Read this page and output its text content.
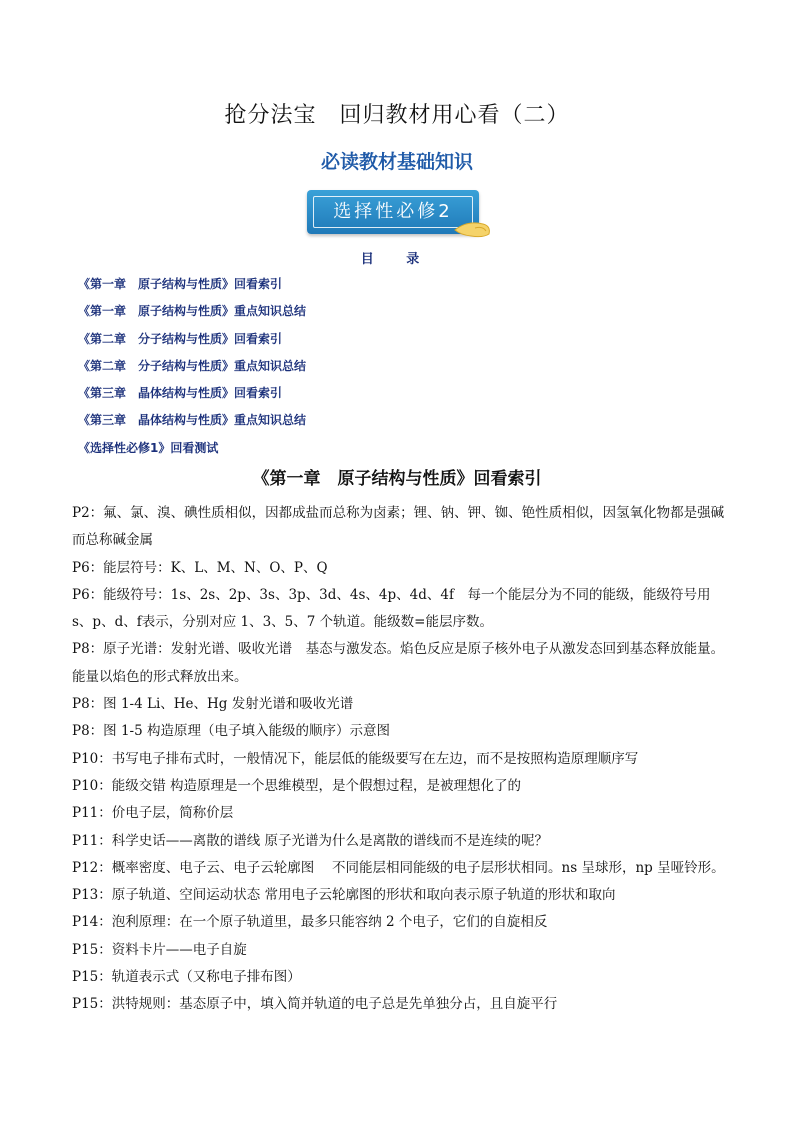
抢分法宝　回归教材用心看（二）
必读教材基础知识
选择性必修2
目 录
《第一章　原子结构与性质》回看索引
《第一章　原子结构与性质》重点知识总结
《第二章　分子结构与性质》回看索引
《第二章　分子结构与性质》重点知识总结
《第三章　晶体结构与性质》回看索引
《第三章　晶体结构与性质》重点知识总结
《选择性必修1》回看测试
《第一章　原子结构与性质》回看索引

P2：氟、氯、溴、碘性质相似，因都成盐而总称为卤素；锂、钠、钾、铷、铯性质相似，因氢氧化物都是强碱而总称碱金属

P6：能层符号：K、L、M、N、O、P、Q

P6：能级符号：1s、2s、2p、3s、3p、3d、4s、4p、4d、4f　每一个能层分为不同的能级，能级符号用 s、p、d、f表示，分别对应 1、3、5、7 个轨道。能级数=能层序数。

P8：原子光谱：发射光谱、吸收光谱　基态与激发态。焰色反应是原子核外电子从激发态回到基态释放能量。能量以焰色的形式释放出来。

P8：图 1-4 Li、He、Hg 发射光谱和吸收光谱

P8：图 1-5 构造原理（电子填入能级的顺序）示意图

P10：书写电子排布式时，一般情况下，能层低的能级要写在左边，而不是按照构造原理顺序写

P10：能级交错 构造原理是一个思维模型，是个假想过程，是被理想化了的

P11：价电子层，简称价层

P11：科学史话——离散的谱线 原子光谱为什么是离散的谱线而不是连续的呢？

P12：概率密度、电子云、电子云轮廓图　 不同能层相同能级的电子层形状相同。ns 呈球形，np 呈哑铃形。

P13：原子轨道、空间运动状态 常用电子云轮廓图的形状和取向表示原子轨道的形状和取向

P14：泡利原理：在一个原子轨道里，最多只能容纳 2 个电子，它们的自旋相反

P15：资料卡片——电子自旋

P15：轨道表示式（又称电子排布图）

P15：洪特规则：基态原子中，填入简并轨道的电子总是先单独分占，且自旋平行
